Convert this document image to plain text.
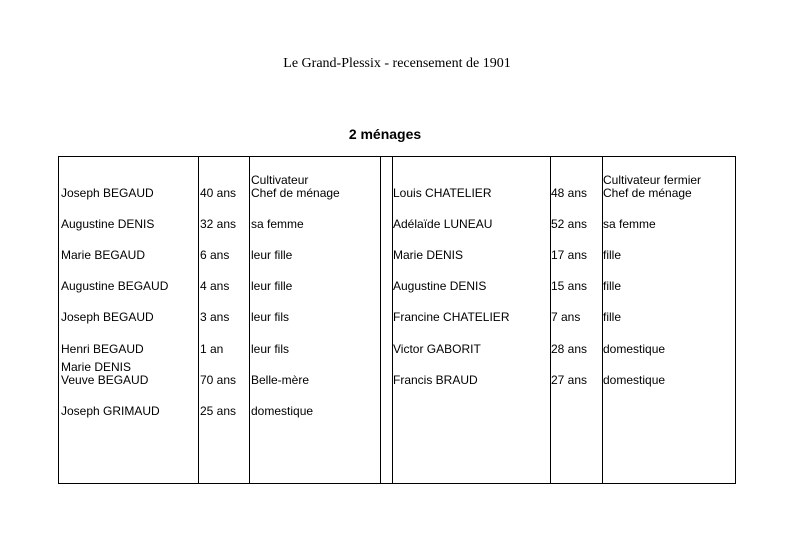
Le Grand-Plessix - recensement de 1901
2 ménages
Joseph BEGAUD	40 ans
Cultivateur
Chef de ménage
Augustine DENIS	32 ans sa femme
Marie BEGAUD	6 ans leur fille
Augustine BEGAUD	4 ans leur fille
Joseph BEGAUD	3 ans leur fils
Henri BEGAUD	1 an leur fils
Marie DENIS
Veuve BEGAUD	70 ans Belle-mère
Joseph GRIMAUD	25 ans domestique
Louis CHATELIER	48 ans
Cultivateur fermier
Chef de ménage
Adélaïde LUNEAU	52 ans sa femme
Marie DENIS	17 ans fille
Augustine DENIS	15 ans fille
Francine CHATELIER	7 ans fille
Victor GABORIT	28 ans domestique
Francis BRAUD	27 ans domestique
